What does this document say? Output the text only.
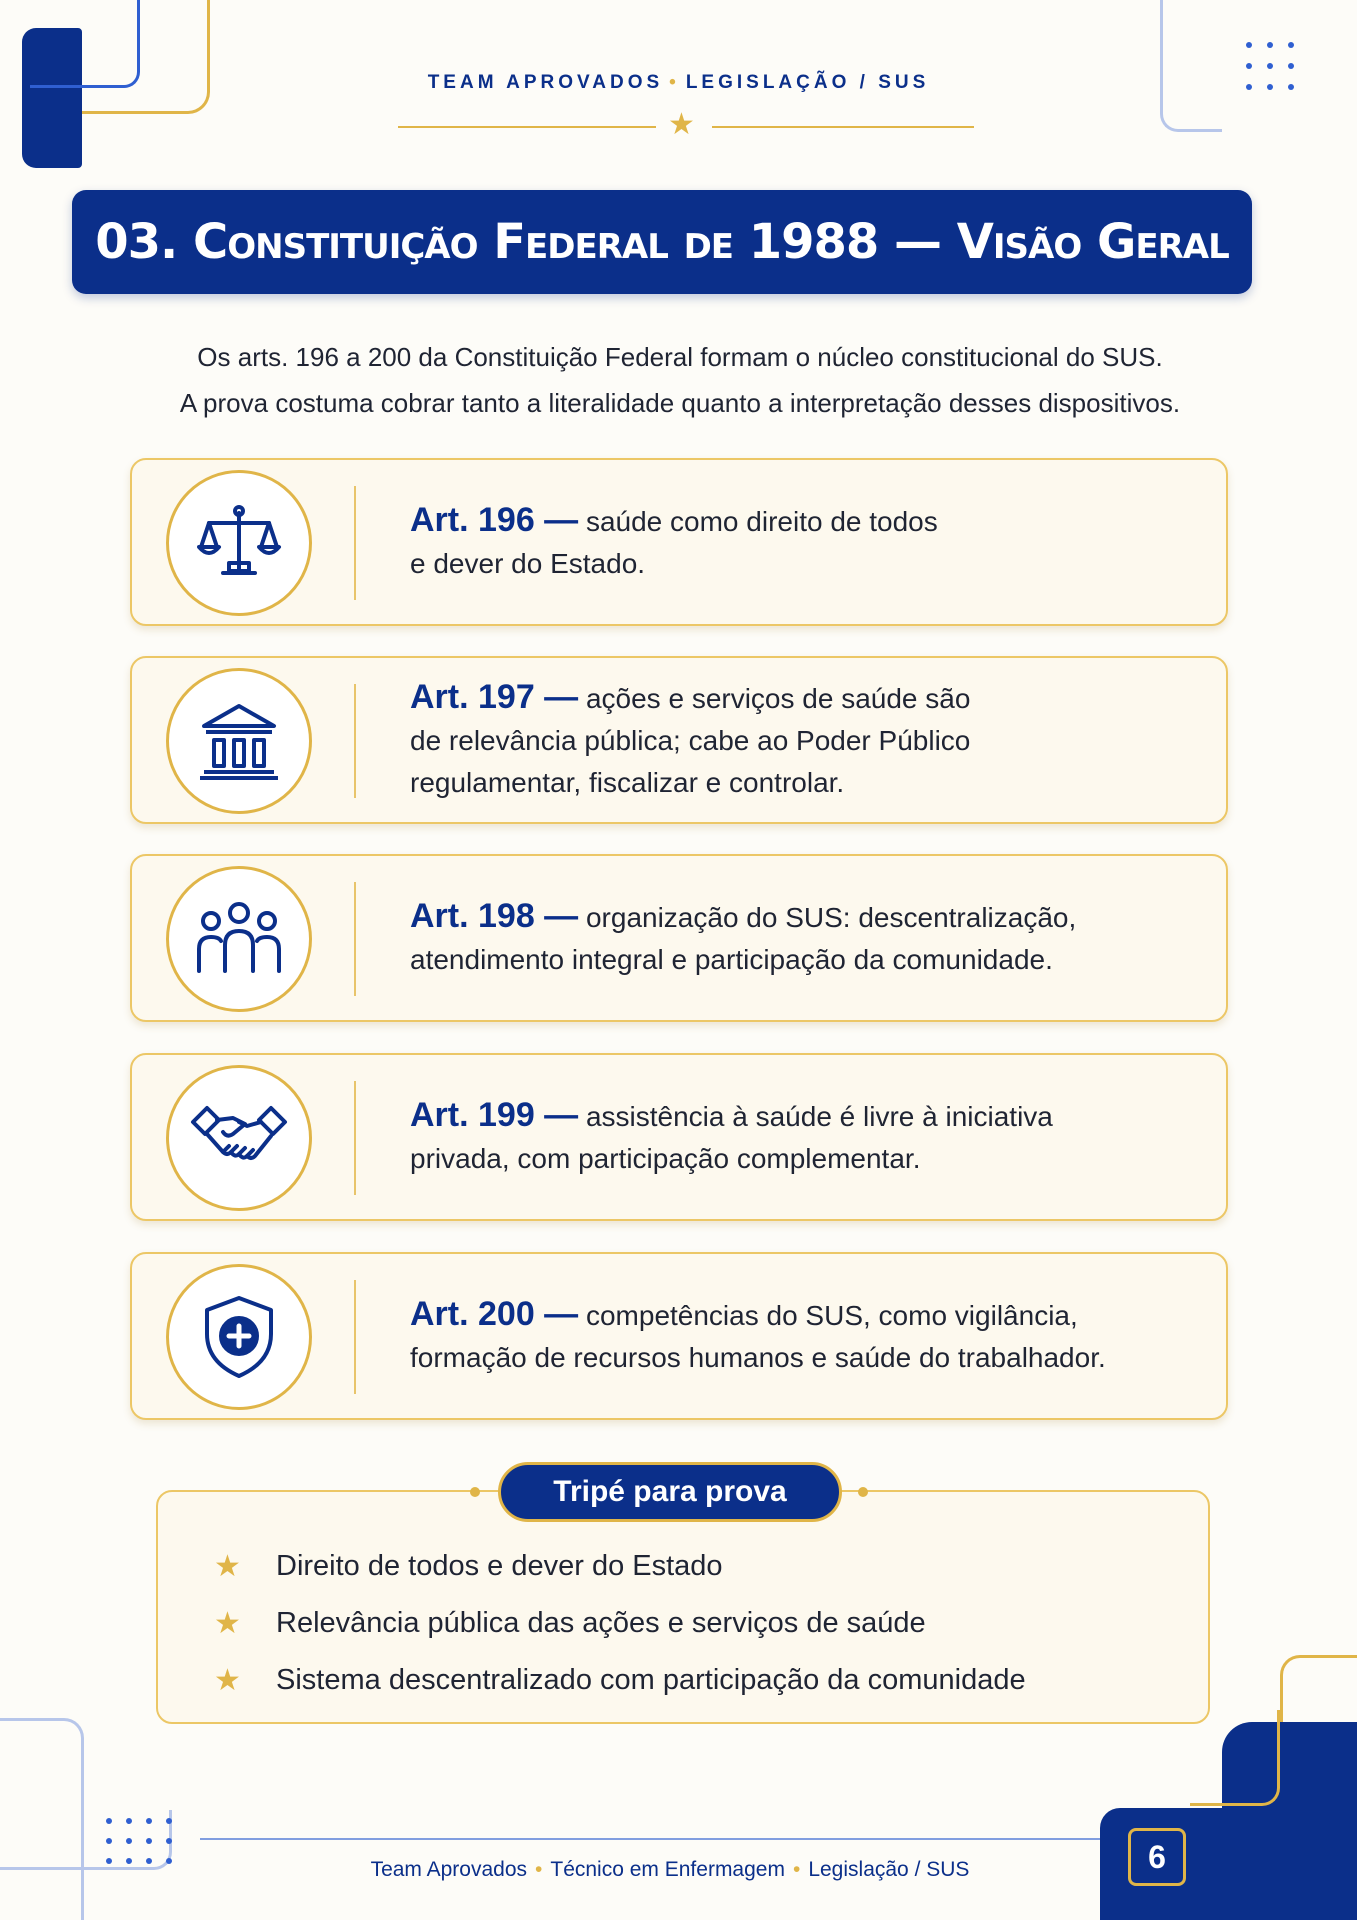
TEAM APROVADOS • LEGISLAÇÃO / SUS
★
03. Constituição Federal de 1988 — Visão Geral
Os arts. 196 a 200 da Constituição Federal formam o núcleo constitucional do SUS.
A prova costuma cobrar tanto a literalidade quanto a interpretação desses dispositivos.
Art. 196 — saúde como direito de todos
e dever do Estado.
Art. 197 — ações e serviços de saúde são
de relevância pública; cabe ao Poder Público
regulamentar, fiscalizar e controlar.
Art. 198 — organização do SUS: descentralização,
atendimento integral e participação da comunidade.
Art. 199 — assistência à saúde é livre à iniciativa
privada, com participação complementar.
Art. 200 — competências do SUS, como vigilância,
formação de recursos humanos e saúde do trabalhador.
Tripé para prova
★	Direito de todos e dever do Estado
★	Relevância pública das ações e serviços de saúde
★	Sistema descentralizado com participação da comunidade
Team Aprovados • Técnico em Enfermagem • Legislação / SUS	6
